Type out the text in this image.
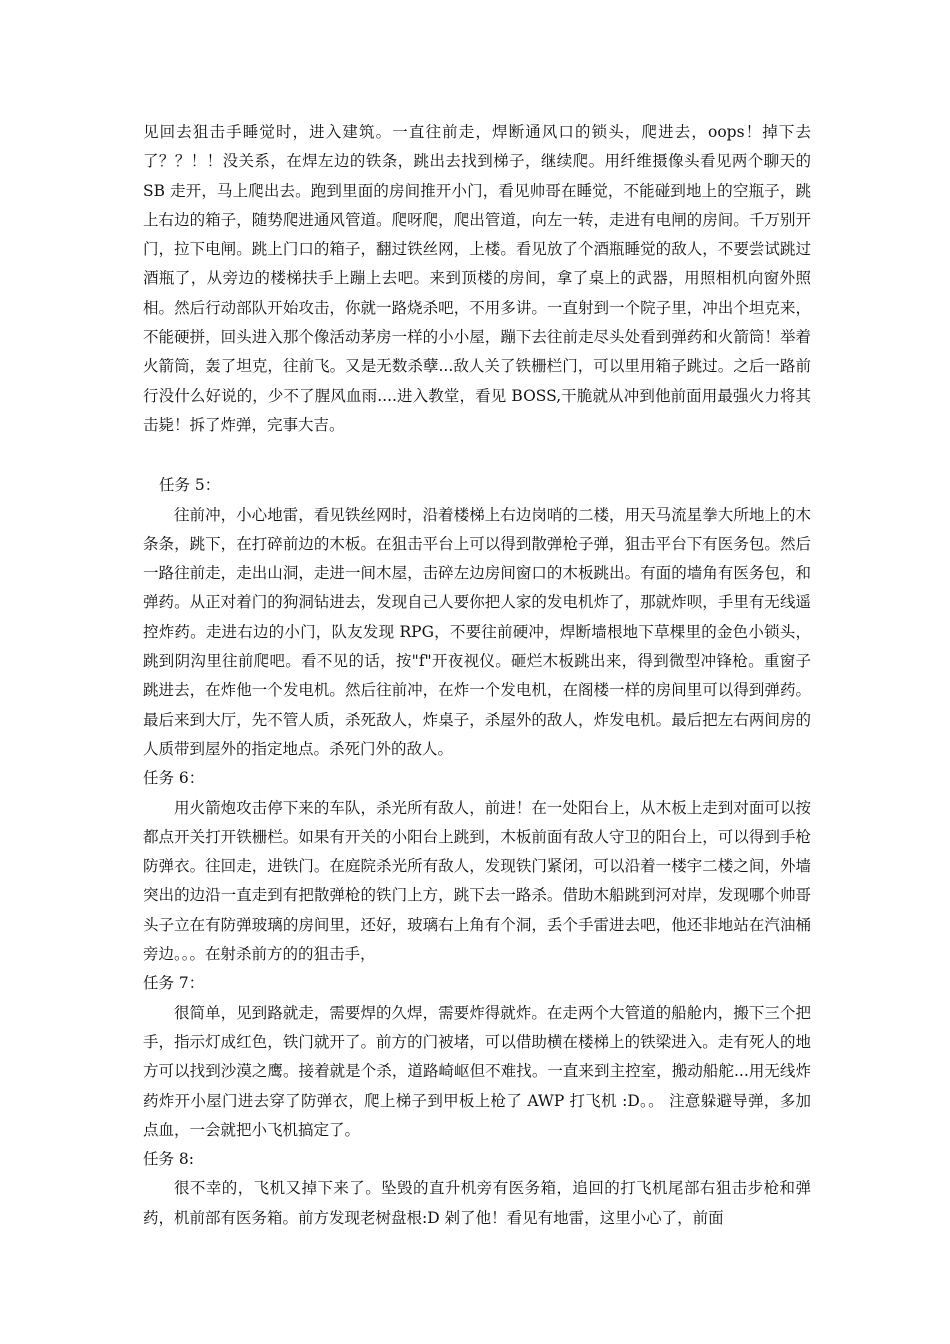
见回去狙击手睡觉时，进入建筑。一直往前走，焊断通风口的锁头，爬进去，oops！掉下去了？？！！没关系，在焊左边的铁条，跳出去找到梯子，继续爬。用纤维摄像头看见两个聊天的 SB 走开，马上爬出去。跑到里面的房间推开小门，看见帅哥在睡觉，不能碰到地上的空瓶子，跳上右边的箱子，随势爬进通风管道。爬呀爬，爬出管道，向左一转，走进有电闸的房间。千万别开门，拉下电闸。跳上门口的箱子，翻过铁丝网，上楼。看见放了个酒瓶睡觉的敌人，不要尝试跳过酒瓶了，从旁边的楼梯扶手上蹦上去吧。来到顶楼的房间，拿了桌上的武器，用照相机向窗外照相。然后行动部队开始攻击，你就一路烧杀吧，不用多讲。一直射到一个院子里，冲出个坦克来，不能硬拼，回头进入那个像活动茅房一样的小小屋，蹦下去往前走尽头处看到弹药和火箭筒！举着火箭筒，轰了坦克，往前飞。又是无数杀孽...敌人关了铁栅栏门，可以里用箱子跳过。之后一路前行没什么好说的，少不了腥风血雨....进入教堂，看见 BOSS,干脆就从冲到他前面用最强火力将其击毙！拆了炸弹，完事大吉。

任务 5：

往前冲，小心地雷，看见铁丝网时，沿着楼梯上右边岗哨的二楼，用天马流星拳大所地上的木条条，跳下，在打碎前边的木板。在狙击平台上可以得到散弹枪子弹，狙击平台下有医务包。然后一路往前走，走出山洞，走进一间木屋，击碎左边房间窗口的木板跳出。有面的墙角有医务包，和弹药。从正对着门的狗洞钻进去，发现自己人要你把人家的发电机炸了，那就炸呗，手里有无线遥控炸药。走进右边的小门，队友发现 RPG，不要往前硬冲，焊断墙根地下草棵里的金色小锁头，跳到阴沟里往前爬吧。看不见的话，按"f"开夜视仪。砸烂木板跳出来，得到微型冲锋枪。重窗子跳进去，在炸他一个发电机。然后往前冲，在炸一个发电机，在阁楼一样的房间里可以得到弹药。最后来到大厅，先不管人质，杀死敌人，炸桌子，杀屋外的敌人，炸发电机。最后把左右两间房的人质带到屋外的指定地点。杀死门外的敌人。

任务 6：

用火箭炮攻击停下来的车队，杀光所有敌人，前进！在一处阳台上，从木板上走到对面可以按都点开关打开铁栅栏。如果有开关的小阳台上跳到，木板前面有敌人守卫的阳台上，可以得到手枪防弹衣。往回走，进铁门。在庭院杀光所有敌人，发现铁门紧闭，可以沿着一楼宇二楼之间，外墙突出的边沿一直走到有把散弹枪的铁门上方，跳下去一路杀。借助木船跳到河对岸，发现哪个帅哥头子立在有防弹玻璃的房间里，还好，玻璃右上角有个洞，丢个手雷进去吧，他还非地站在汽油桶旁边。。。在射杀前方的的狙击手，

任务 7：

很简单，见到路就走，需要焊的久焊，需要炸得就炸。在走两个大管道的船舱内，搬下三个把手，指示灯成红色，铁门就开了。前方的门被堵，可以借助横在楼梯上的铁梁进入。走有死人的地方可以找到沙漠之鹰。接着就是个杀，道路崎岖但不难找。一直来到主控室，搬动船舵...用无线炸药炸开小屋门进去穿了防弹衣，爬上梯子到甲板上枪了 AWP 打飞机 :D。。 注意躲避导弹，多加点血，一会就把小飞机搞定了。

任务 8:

很不幸的，飞机又掉下来了。坠毁的直升机旁有医务箱，追回的打飞机尾部右狙击步枪和弹药，机前部有医务箱。前方发现老树盘根:D 剁了他！看见有地雷，这里小心了，前面
